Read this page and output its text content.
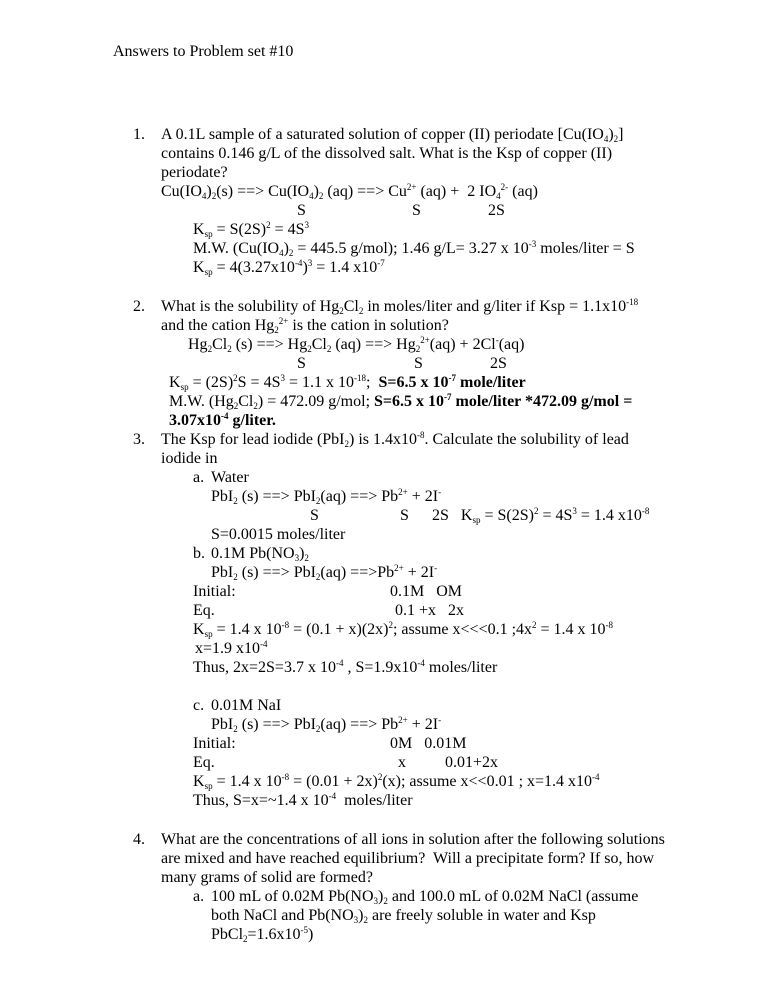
Answers to Problem set #10
1. A 0.1L sample of a saturated solution of copper (II) periodate $[Cu(IO_4)_2]$
contains 0.146 g/L of the dissolved salt. What is the Ksp of copper (II)
periodate?
$Cu(IO_4)_2(s)$ ==> $Cu(IO_4)_2$ (aq) ==> $Cu^{2+}$ (aq) +  2 $IO_4^{2-}$ (aq)
S	S	2S
$K_{sp} = S(2S)^2 = 4S^3$
M.W. ($Cu(IO_4)_2 = 445.5$ g/mol); 1.46 g/L= 3.27 x $10^{-3}$ moles/liter = S
$K_{sp} = 4(3.27x10^{-4})^3 = 1.4$ $x10^{-7}$
2. What is the solubility of $Hg_2Cl_2$ in moles/liter and g/liter if Ksp = $1.1x10^{-18}$
and the cation $Hg_2^{2+}$ is the cation in solution?
$Hg_2Cl_2$ (s) ==> $Hg_2Cl_2$ (aq) ==> $Hg_2^{2+}(aq) + 2Cl^-(aq)$
S	S	2S
$K_{sp} = (2S)^2S = 4S^3 = 1.1$ x $10^{-18}$;  S=6.5 x $10^{-7}$ mole/liter
M.W. $(Hg_2Cl_2) = 472.09$ g/mol; S=6.5 x $10^{-7}$ mole/liter *472.09 g/mol =
$3.07x10^{-4}$ g/liter.
3. The Ksp for lead iodide (PbI$_2$) is $1.4x10^{-8}$. Calculate the solubility of lead
iodide in
a. Water
PbI$_2$ (s) ==> PbI$_2$(aq) ==> $Pb^{2+} + 2I^-$
S	S 2S   $K_{sp} = S(2S)^2 = 4S^3 = 1.4$ $x10^{-8}$
S=0.0015 moles/liter
b. 0.1M $Pb(NO_3)_2$
PbI$_2$ (s) ==> $PbI_2(aq) ==>Pb^{2+} + 2I^-$
Initial:	0.1M   OM
Eq.	0.1 +x   2x
$K_{sp} = 1.4$ x $10^{-8} = (0.1 + x)(2x)^2$; assume x<<<0.1 $;4x^2 = 1.4$ x $10^{-8}$
x=1.9 $x10^{-4}$
Thus, 2x=2S=3.7 x $10^{-4}$ , $S=1.9x10^{-4}$ moles/liter
c. 0.01M NaI
PbI$_2$ (s) ==> PbI$_2$(aq) ==> $Pb^{2+} + 2I^-$
Initial:	0M   0.01M
Eq.	x 0.01+2x
$K_{sp} = 1.4$ x $10^{-8} = (0.01 + 2x)^2(x)$; assume x<<0.01 ; x=1.4 $x10^{-4}$
Thus, S=x=~1.4 x $10^{-4}$  moles/liter
4. What are the concentrations of all ions in solution after the following solutions
are mixed and have reached equilibrium?  Will a precipitate form? If so, how
many grams of solid are formed?
a. 100 mL of 0.02M $Pb(NO_3)_2$ and 100.0 mL of 0.02M NaCl (assume
both NaCl and $Pb(NO_3)_2$ are freely soluble in water and Ksp
$PbCl_2=1.6x10^{-5}$)
